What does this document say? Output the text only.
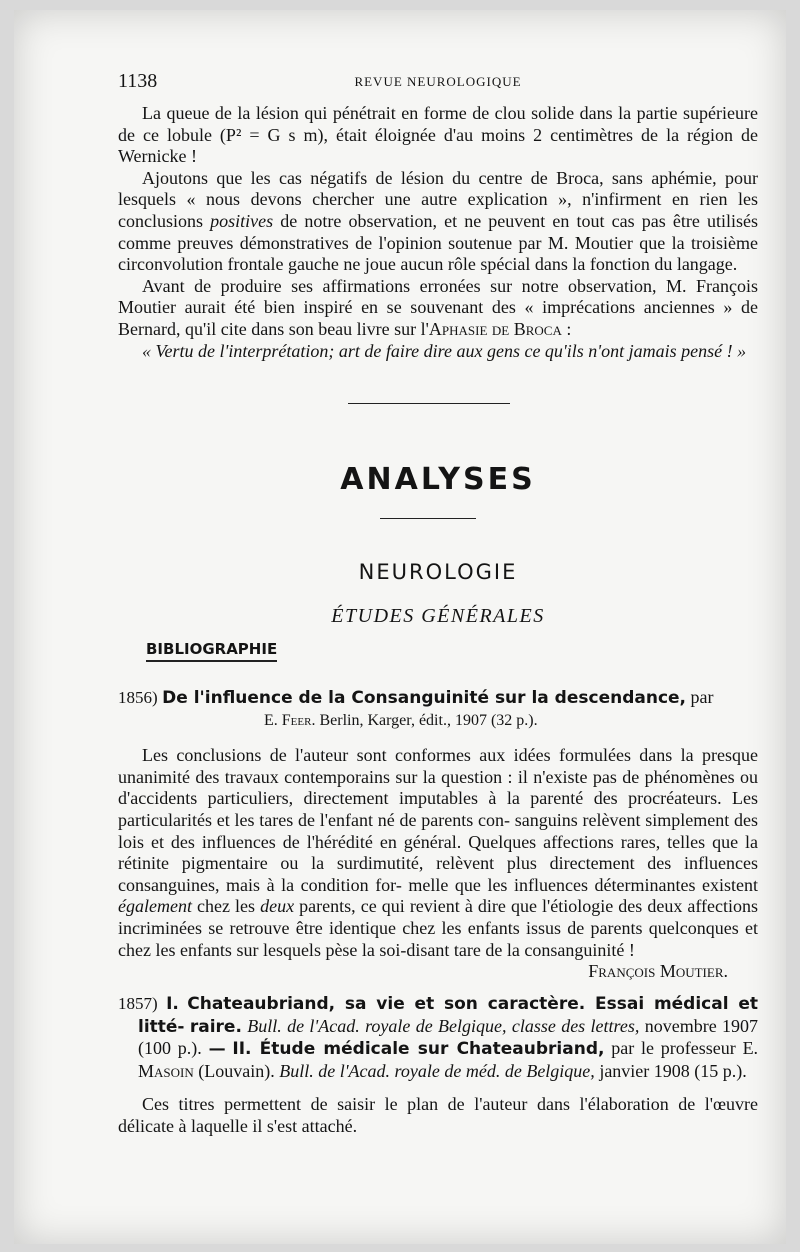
1138	REVUE NEUROLOGIQUE

La queue de la lésion qui pénétrait en forme de clou solide dans la partie supérieure de ce lobule (P² = G s m), était éloignée d'au moins 2 centimètres de la région de Wernicke !

Ajoutons que les cas négatifs de lésion du centre de Broca, sans aphémie, pour lesquels « nous devons chercher une autre explication », n'infirment en rien les conclusions positives de notre observation, et ne peuvent en tout cas pas être utilisés comme preuves démonstratives de l'opinion soutenue par M. Moutier que la troisième circonvolution frontale gauche ne joue aucun rôle spécial dans la fonction du langage.

Avant de produire ses affirmations erronées sur notre observation, M. François Moutier aurait été bien inspiré en se souvenant des « imprécations anciennes » de Bernard, qu'il cite dans son beau livre sur l'Aphasie de Broca :

« Vertu de l'interprétation; art de faire dire aux gens ce qu'ils n'ont jamais pensé ! »

ANALYSES
NEUROLOGIE
ÉTUDES GÉNÉRALES
BIBLIOGRAPHIE
1856) De l'influence de la Consanguinité sur la descendance, par
E. Feer. Berlin, Karger, édit., 1907 (32 p.).

Les conclusions de l'auteur sont conformes aux idées formulées dans la presque unanimité des travaux contemporains sur la question : il n'existe pas de phénomènes ou d'accidents particuliers, directement imputables à la parenté des procréateurs. Les particularités et les tares de l'enfant né de parents con- sanguins relèvent simplement des lois et des influences de l'hérédité en général. Quelques affections rares, telles que la rétinite pigmentaire ou la surdimutité, relèvent plus directement des influences consanguines, mais à la condition for- melle que les influences déterminantes existent également chez les deux parents, ce qui revient à dire que l'étiologie des deux affections incriminées se retrouve être identique chez les enfants issus de parents quelconques et chez les enfants sur lesquels pèse la soi-disant tare de la consanguinité !

François Moutier.
1857) I. Chateaubriand, sa vie et son caractère. Essai médical et litté- raire. Bull. de l'Acad. royale de Belgique, classe des lettres, novembre 1907 (100 p.). — II. Étude médicale sur Chateaubriand, par le professeur E. Masoin (Louvain). Bull. de l'Acad. royale de méd. de Belgique, janvier 1908 (15 p.).

Ces titres permettent de saisir le plan de l'auteur dans l'élaboration de l'œuvre délicate à laquelle il s'est attaché.
